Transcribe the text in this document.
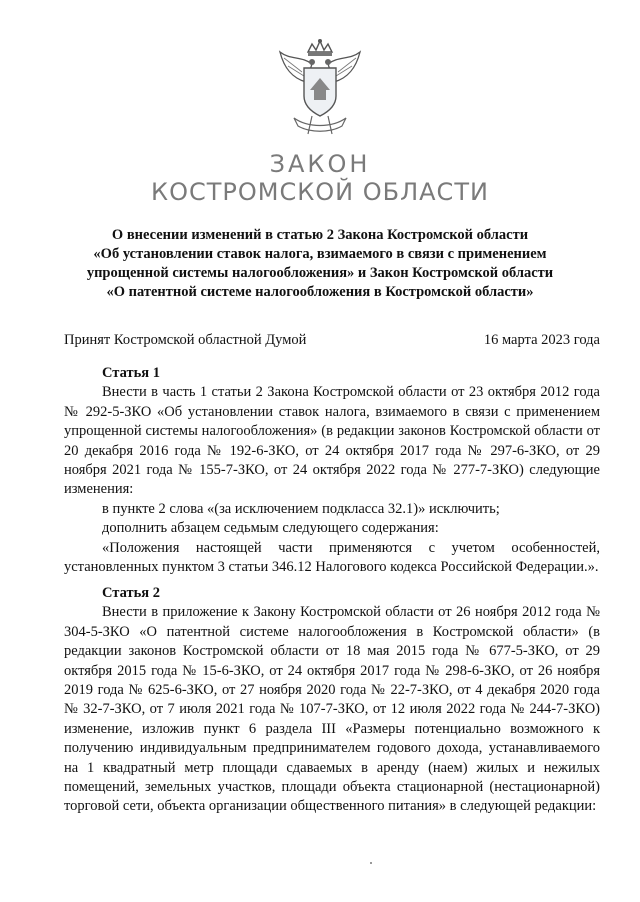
ЗАКОН
КОСТРОМСКОЙ ОБЛАСТИ
О внесении изменений в статью 2 Закона Костромской области
«Об установлении ставок налога, взимаемого в связи с применением
упрощенной системы налогообложения» и Закон Костромской области
«О патентной системе налогообложения в Костромской области»
Принят Костромской областной Думой	16 марта 2023 года

Статья 1

Внести в часть 1 статьи 2 Закона Костромской области от 23 октября 2012 года № 292-5-ЗКО «Об установлении ставок налога, взимаемого в связи с применением упрощенной системы налогообложения» (в редакции законов Костромской области от 20 декабря 2016 года № 192-6-ЗКО, от 24 октября 2017 года № 297-6-ЗКО, от 29 ноября 2021 года № 155-7-ЗКО, от 24 октября 2022 года № 277-7-ЗКО) следующие изменения:

в пункте 2 слова «(за исключением подкласса 32.1)» исключить;

дополнить абзацем седьмым следующего содержания:

«Положения настоящей части применяются с учетом особенностей, установленных пунктом 3 статьи 346.12 Налогового кодекса Российской Федерации.».

Статья 2

Внести в приложение к Закону Костромской области от 26 ноября 2012 года № 304-5-ЗКО «О патентной системе налогообложения в Костромской области» (в редакции законов Костромской области от 18 мая 2015 года № 677-5-ЗКО, от 29 октября 2015 года № 15-6-ЗКО, от 24 октября 2017 года № 298-6-ЗКО, от 26 ноября 2019 года № 625-6-ЗКО, от 27 ноября 2020 года № 22-7-ЗКО, от 4 декабря 2020 года № 32-7-ЗКО, от 7 июля 2021 года № 107-7-ЗКО, от 12 июля 2022 года № 244-7-ЗКО) изменение, изложив пункт 6 раздела III «Размеры потенциально возможного к получению индивидуальным предпринимателем годового дохода, устанавливаемого на 1 квадратный метр площади сдаваемых в аренду (наем) жилых и нежилых помещений, земельных участков, площади объекта стационарной (нестационарной) торговой сети, объекта организации общественного питания» в следующей редакции:
